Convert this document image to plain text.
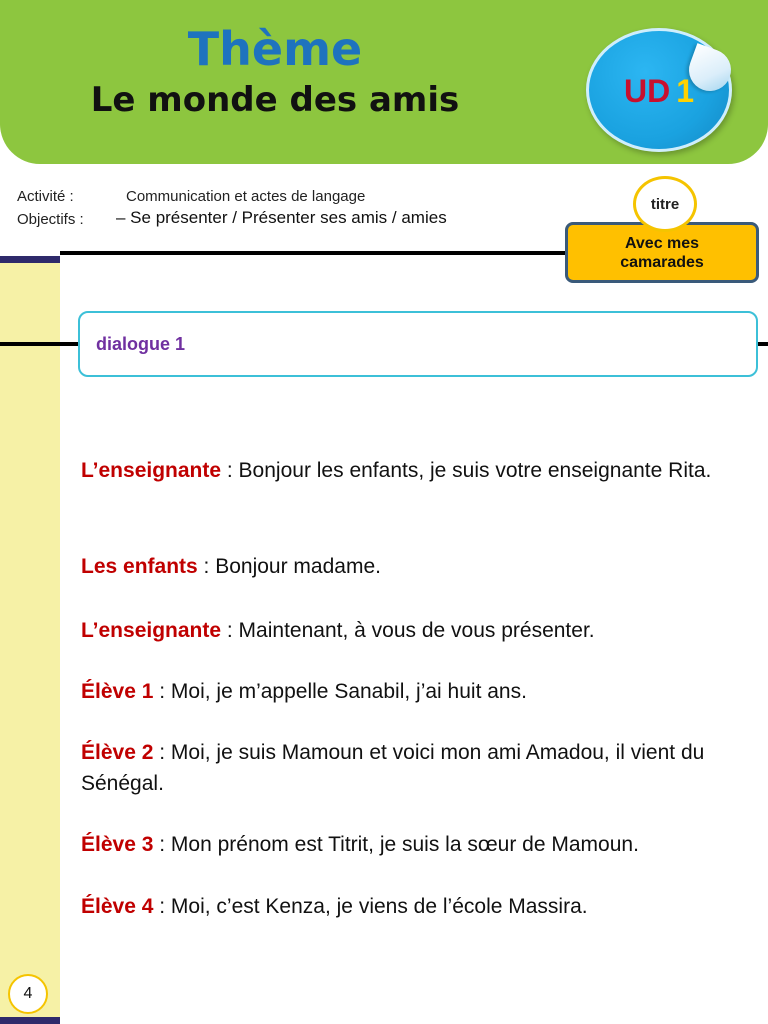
Thème
Le monde des amis	UD 1
Activité :	Communication et actes de langage
Objectifs : – Se présenter / Présenter ses amis / amies
titre
Avec mes
camarades
dialogue 1

L’enseignante : Bonjour les enfants, je suis votre enseignante Rita.

Les enfants : Bonjour madame.

L’enseignante : Maintenant, à vous de vous présenter.

Élève 1 : Moi, je m’appelle Sanabil, j’ai huit ans.

Élève 2 : Moi, je suis Mamoun et voici mon ami Amadou, il vient du Sénégal.

Élève 3 : Mon prénom est Titrit, je suis la sœur de Mamoun.

Élève 4 : Moi, c’est Kenza, je viens de l’école Massira.

4
